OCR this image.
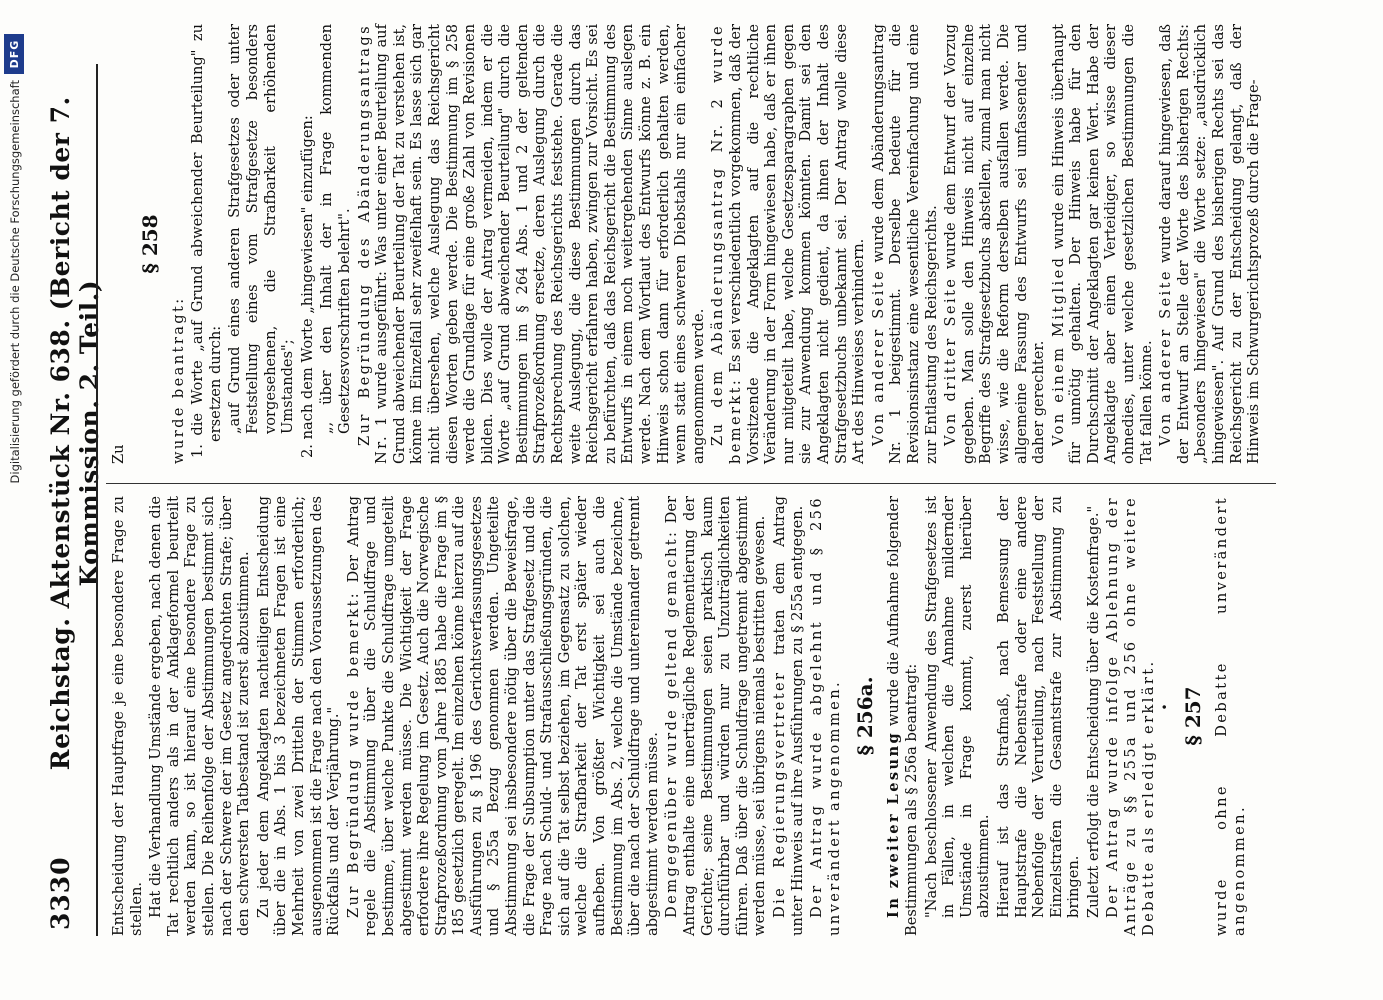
3330
Reichstag. Aktenstück Nr. 638. (Bericht der 7. Kommission. 2. Teil.)

Entscheidung der Hauptfrage je eine besondere Frage zu stellen. Hat die Verhandlung Umstände ergeben, nach denen die Tat rechtlich anders als in der Anklageformel beurteilt werden kann, so ist hierauf eine besondere Frage zu stellen. Die Reihenfolge der Abstimmungen bestimmt sich nach der Schwere der im Gesetz angedrohten Strafe; über den schwersten Tatbestand ist zuerst abzustimmen. Zu jeder dem Angeklagten nachteiligen Entscheidung über die in Abs. 1 bis 3 bezeichneten Fragen ist eine Mehrheit von zwei Dritteln der Stimmen erforderlich; ausgenommen ist die Frage nach den Voraussetzungen des Rückfalls und der Verjährung." Zur Begründung wurde bemerkt: Der Antrag regele die Abstimmung über die Schuldfrage und bestimme, über welche Punkte die Schuldfrage umgeteilt abgestimmt werden müsse. Die Wichtigkeit der Frage erfordere ihre Regelung im Gesetz. Auch die Norwegische Strafprozeßordnung vom Jahre 1885 habe die Frage im § 185 gesetzlich geregelt. Im einzelnen könne hierzu auf die Ausführungen zu § 196 des Gerichtsverfassungsgesetzes und § 255a Bezug genommen werden. Ungeteilte Abstimmung sei insbesondere nötig über die Beweisfrage, die Frage der Subsumption unter das Strafgesetz und die Frage nach Schuld- und Strafausschließungsgründen, die sich auf die Tat selbst beziehen, im Gegensatz zu solchen, welche die Strafbarkeit der Tat erst später wieder aufheben. Von größter Wichtigkeit sei auch die Bestimmung im Abs. 2, welche die Umstände bezeichne, über die nach der Schuldfrage und untereinander getrennt abgestimmt werden müsse. Demgegenüber wurde geltend gemacht: Der Antrag enthalte eine unerträgliche Reglementierung der Gerichte; seine Bestimmungen seien praktisch kaum durchführbar und würden nur zu Unzuträglichkeiten führen. Daß über die Schuldfrage ungetrennt abgestimmt werden müsse, sei übrigens niemals bestritten gewesen. Die Regierungsvertreter traten dem Antrag unter Hinweis auf ihre Ausführungen zu § 255a entgegen. Der Antrag wurde abgelehnt und § 256 unverändert angenommen. § 256a.

In zweiter Lesung wurde die Aufnahme folgender Bestimmungen als § 256a beantragt: "Nach beschlossener Anwendung des Strafgesetzes ist in Fällen, in welchen die Annahme mildernder Umstände in Frage kommt, zuerst hierüber abzustimmen. Hierauf ist das Strafmaß, nach Bemessung der Hauptstrafe die Nebenstrafe oder eine andere Nebenfolge der Verurteilung, nach Feststellung der Einzelstrafen die Gesamtstrafe zur Abstimmung zu bringen. Zuletzt erfolgt die Entscheidung über die Kostenfrage." Der Antrag wurde infolge Ablehnung der Anträge zu §§ 255a und 256 ohne weitere Debatte als erledigt erklärt. • § 257 wurde ohne Debatte unverändert angenommen.

Zu

§ 258

wurde beantragt: 1. die Worte „auf Grund abweichender Beurteilung" zu ersetzen durch: „auf Grund eines anderen Strafgesetzes oder unter Feststellung eines vom Strafgesetze besonders vorgesehenen, die Strafbarkeit erhöhenden Umstandes"; 2. nach dem Worte „hingewiesen" einzufügen: „, über den Inhalt der in Frage kommenden Gesetzesvorschriften belehrt". Zur Begründung des Abänderungsantrags Nr. 1 wurde ausgeführt: Was unter einer Beurteilung auf Grund abweichender Beurteilung der Tat zu verstehen ist, könne im Einzelfall sehr zweifelhaft sein. Es lasse sich gar nicht übersehen, welche Auslegung das Reichsgericht diesen Worten geben werde. Die Bestimmung im § 258 werde die Grundlage für eine große Zahl von Revisionen bilden. Dies wolle der Antrag vermeiden, indem er die Worte „auf Grund abweichender Beurteilung" durch die Bestimmungen im § 264 Abs. 1 und 2 der geltenden Strafprozeßordnung ersetze, deren Auslegung durch die Rechtsprechung des Reichsgerichts feststehe. Gerade die weite Auslegung, die diese Bestimmungen durch das Reichsgericht erfahren haben, zwingen zur Vorsicht. Es sei zu befürchten, daß das Reichsgericht die Bestimmung des Entwurfs in einem noch weitergehenden Sinne auslegen werde. Nach dem Wortlaut des Entwurfs könne z. B. ein Hinweis schon dann für erforderlich gehalten werden, wenn statt eines schweren Diebstahls nur ein einfacher angenommen werde. Zu dem Abänderungsantrag Nr. 2 wurde bemerkt: Es sei verschiedentlich vorgekommen, daß der Vorsitzende die Angeklagten auf die rechtliche Veränderung in der Form hingewiesen habe, daß er ihnen nur mitgeteilt habe, welche Gesetzesparagraphen gegen sie zur Anwendung kommen könnten. Damit sei den Angeklagten nicht gedient, da ihnen der Inhalt des Strafgesetzbuchs unbekannt sei. Der Antrag wolle diese Art des Hinweises verhindern. Von anderer Seite wurde dem Abänderungsantrag Nr. 1 beigestimmt. Derselbe bedeute für die Revisionsinstanz eine wesentliche Vereinfachung und eine zur Entlastung des Reichsgerichts. Von dritter Seite wurde dem Entwurf der Vorzug gegeben. Man solle den Hinweis nicht auf einzelne Begriffe des Strafgesetzbuchs abstellen, zumal man nicht wisse, wie die Reform derselben ausfallen werde. Die allgemeine Fassung des Entwurfs sei umfassender und daher gerechter. Von einem Mitglied wurde ein Hinweis überhaupt für unnötig gehalten. Der Hinweis habe für den Durchschnitt der Angeklagten gar keinen Wert. Habe der Angeklagte aber einen Verteidiger, so wisse dieser ohnedies, unter welche gesetzlichen Bestimmungen die Tat fallen könne. Von anderer Seite wurde darauf hingewiesen, daß der Entwurf an Stelle der Worte des bisherigen Rechts: „besonders hingewiesen" die Worte setze: „ausdrücklich hingewiesen". Auf Grund des bisherigen Rechts sei das Reichsgericht zu der Entscheidung gelangt, daß der Hinweis im Schwurgerichtsprozeß durch die Frage-

Digitalisierung gefördert durch die Deutsche Forschungsgemeinschaft
DFG
